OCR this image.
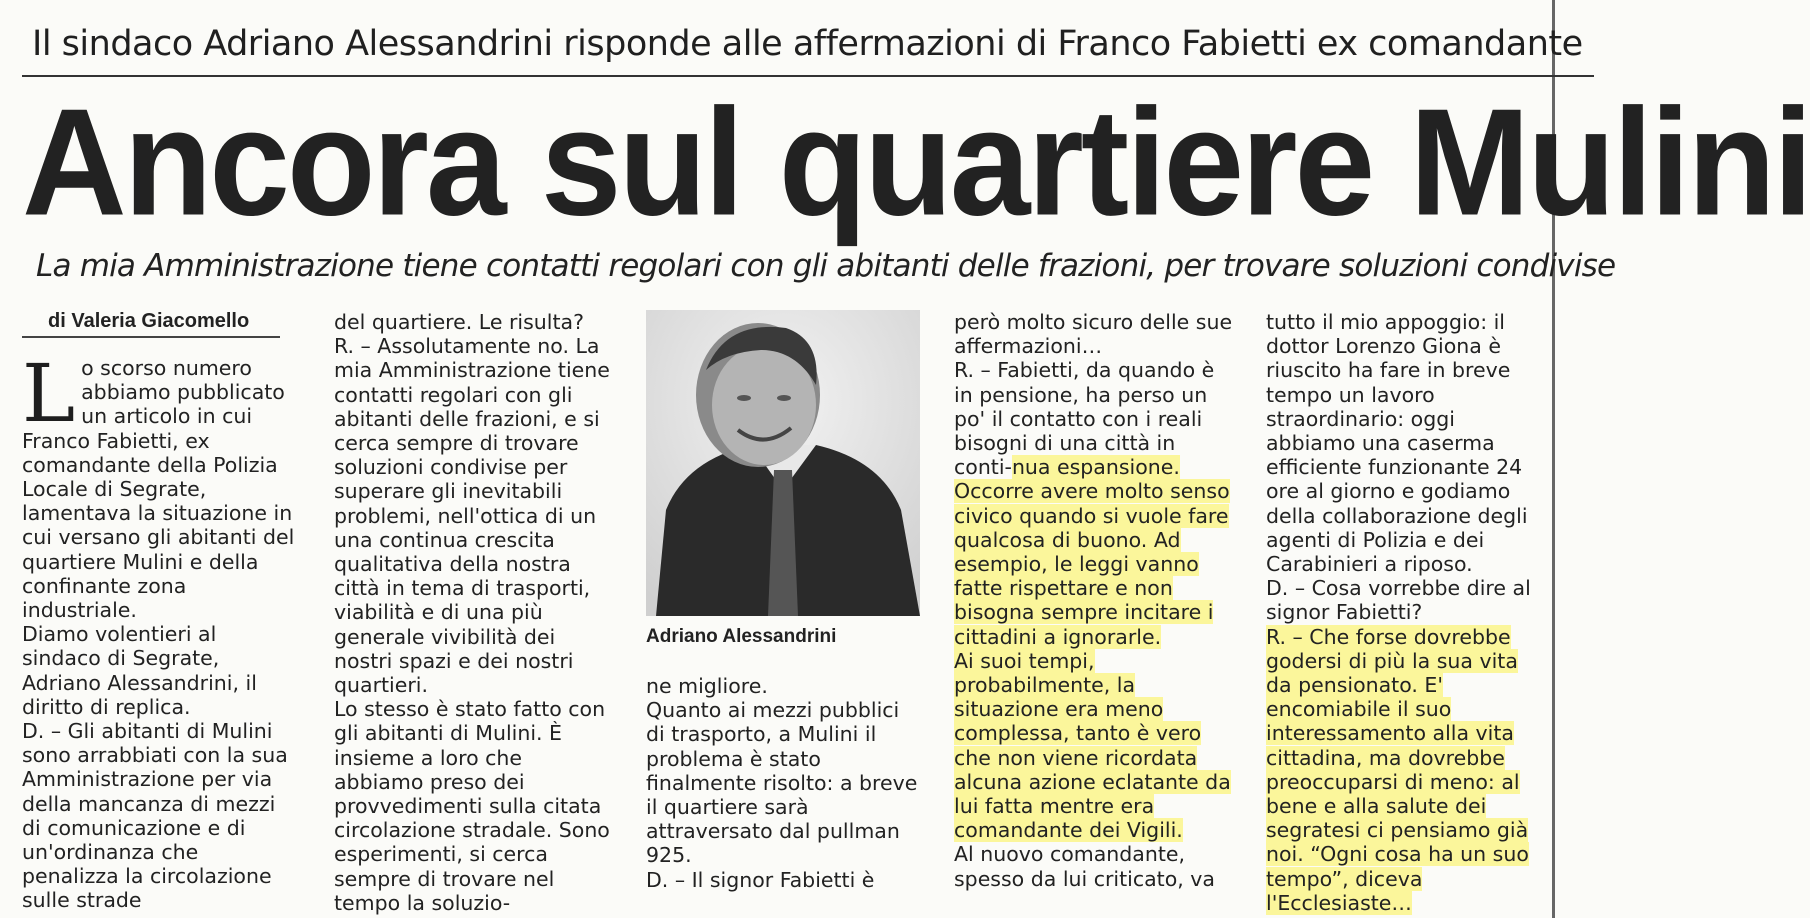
Il sindaco Adriano Alessandrini risponde alle affermazioni di Franco Fabietti ex comandante
Ancora sul quartiere Mulini
La mia Amministrazione tiene contatti regolari con gli abitanti delle frazioni, per trovare soluzioni condivise
di Valeria Giacomello
L o scorso numero abbiamo pubblicato un articolo in cui Franco Fabietti, ex comandante della Polizia Locale di Segrate, lamentava la situazione in cui versano gli abitanti del quartiere Mulini e della confinante zona industriale.

Diamo volentieri al sindaco di Segrate, Adriano Alessandrini, il diritto di replica.

D. – Gli abitanti di Mulini sono arrabbiati con la sua Amministrazione per via della mancanza di mezzi di comunicazione e di un'ordinanza che penalizza la circolazione sulle strade

del quartiere. Le risulta?

R. – Assolutamente no. La mia Amministrazione tiene contatti regolari con gli abitanti delle frazioni, e si cerca sempre di trovare soluzioni condivise per superare gli inevitabili problemi, nell'ottica di un una continua crescita qualitativa della nostra città in tema di trasporti, viabilità e di una più generale vivibilità dei nostri spazi e dei nostri quartieri.

Lo stesso è stato fatto con gli abitanti di Mulini. È insieme a loro che abbiamo preso dei provvedimenti sulla citata circolazione stradale. Sono esperimenti, si cerca sempre di trovare nel tempo la soluzio-

Adriano Alessandrini

ne migliore.

Quanto ai mezzi pubblici di trasporto, a Mulini il problema è stato finalmente risolto: a breve il quartiere sarà attraversato dal pullman 925.

D. – Il signor Fabietti è

però molto sicuro delle sue affermazioni…

R. – Fabietti, da quando è in pensione, ha perso un po' il contatto con i reali bisogni di una città in conti-nua espansione. Occorre avere molto senso civico quando si vuole fare qualcosa di buono. Ad esempio, le leggi vanno fatte rispettare e non bisogna sempre incitare i cittadini a ignorarle.

Ai suoi tempi, probabilmente, la situazione era meno complessa, tanto è vero che non viene ricordata alcuna azione eclatante da lui fatta mentre era comandante dei Vigili.

Al nuovo comandante, spesso da lui criticato, va

tutto il mio appoggio: il dottor Lorenzo Giona è riuscito ha fare in breve tempo un lavoro straordinario: oggi abbiamo una caserma efficiente funzionante 24 ore al giorno e godiamo della collaborazione degli agenti di Polizia e dei Carabinieri a riposo.

D. – Cosa vorrebbe dire al signor Fabietti?

R. – Che forse dovrebbe godersi di più la sua vita da pensionato. E' encomiabile il suo interessamento alla vita cittadina, ma dovrebbe preoccuparsi di meno: al bene e alla salute dei segratesi ci pensiamo già noi. “Ogni cosa ha un suo tempo”, diceva l'Ecclesiaste…
